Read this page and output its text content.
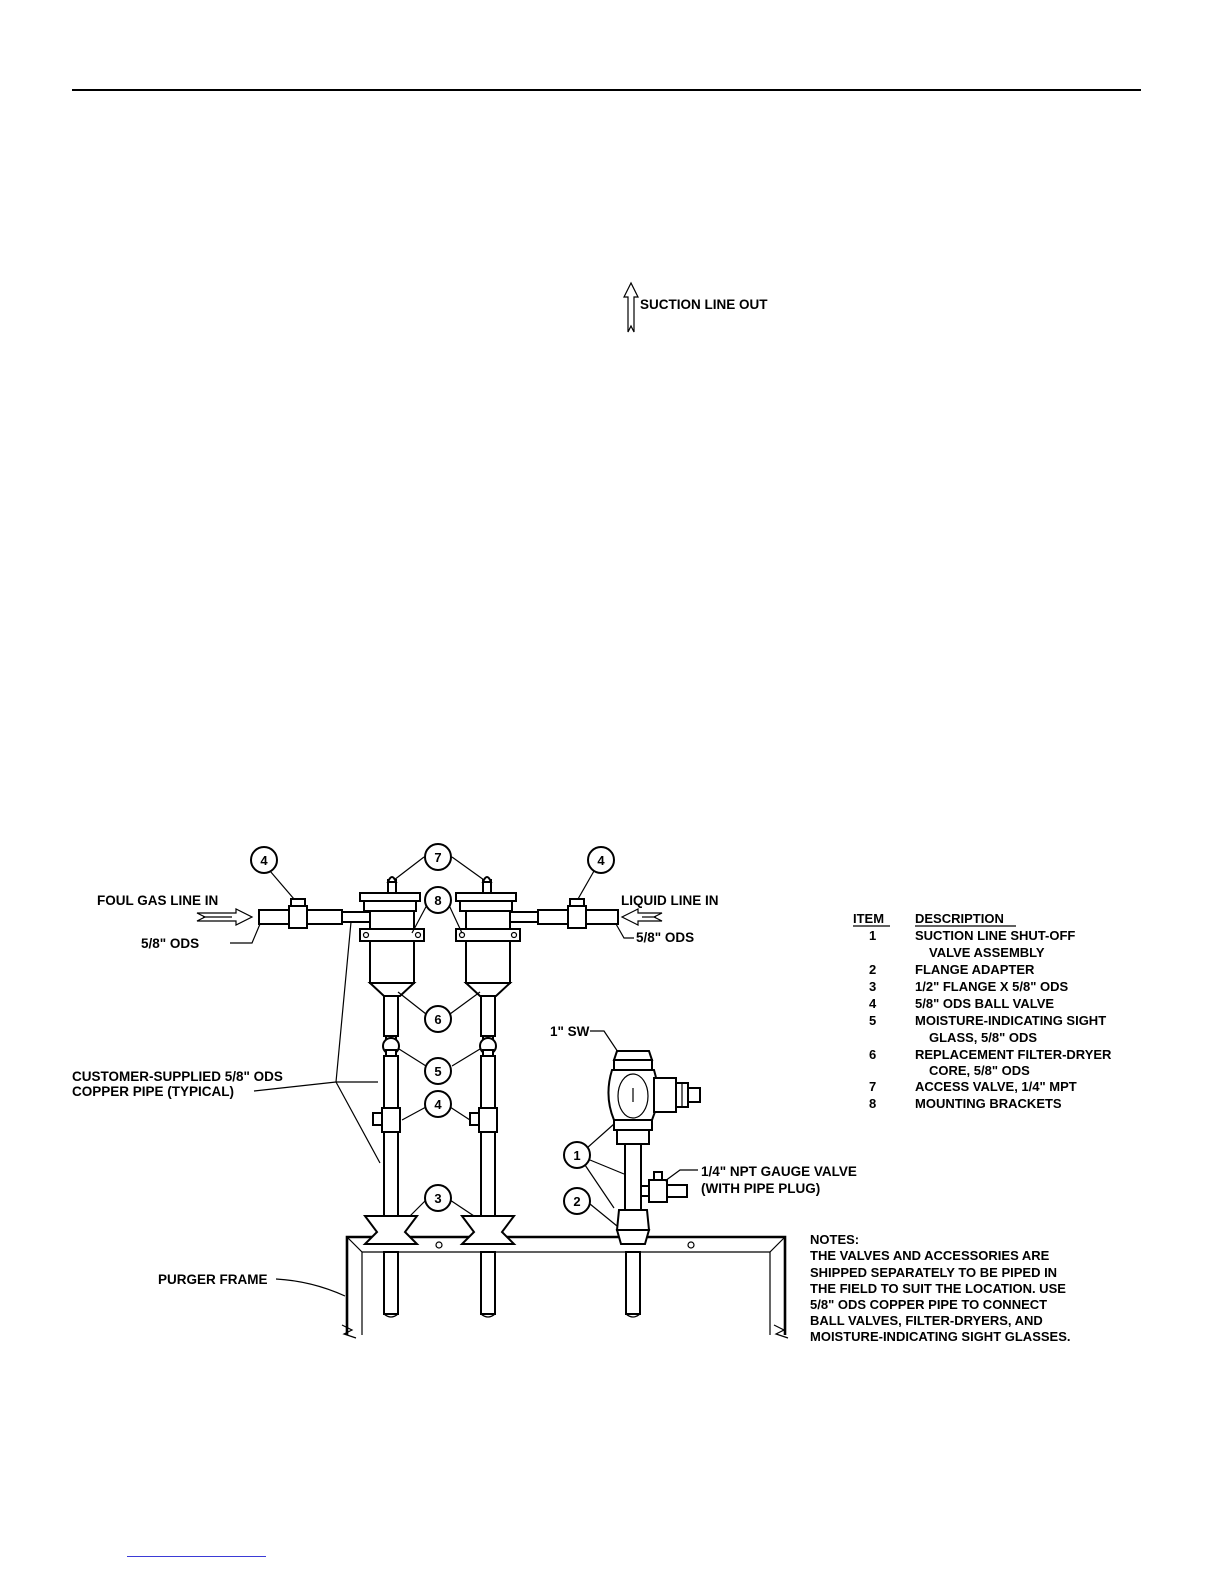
4	7	4
8
6
5
4
3
1
2
FOUL GAS LINE IN
5/8" ODS
LIQUID LINE IN
5/8" ODS
SUCTION LINE OUT
1" SW
CUSTOMER-SUPPLIED 5/8" ODS
COPPER PIPE (TYPICAL)
1/4" NPT GAUGE VALVE
(WITH PIPE PLUG)
PURGER FRAME
ITEM DESCRIPTION
1	SUCTION LINE SHUT-OFF
VALVE ASSEMBLY
2	FLANGE ADAPTER
3	1/2" FLANGE X 5/8" ODS
4	5/8" ODS BALL VALVE
5	MOISTURE-INDICATING SIGHT
GLASS, 5/8" ODS
6	REPLACEMENT FILTER-DRYER
CORE, 5/8" ODS
7	ACCESS VALVE, 1/4" MPT
8	MOUNTING BRACKETS
NOTES:
THE VALVES AND ACCESSORIES ARE
SHIPPED SEPARATELY TO BE PIPED IN
THE FIELD TO SUIT THE LOCATION. USE
5/8" ODS COPPER PIPE TO CONNECT
BALL VALVES, FILTER-DRYERS, AND
MOISTURE-INDICATING SIGHT GLASSES.
